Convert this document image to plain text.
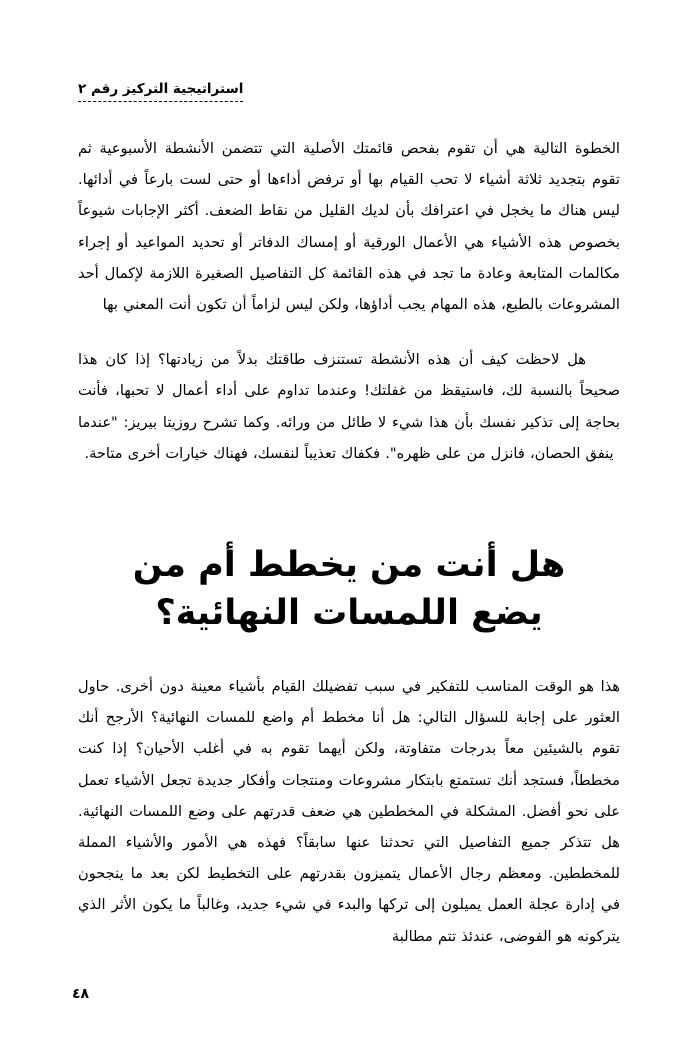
استراتيجية التركيز رقم ٢

الخطوة التالية هي أن تقوم بفحص قائمتك الأصلية التي تتضمن الأنشطة الأسبوعية ثم تقوم بتجديد ثلاثة أشياء لا تحب القيام بها أو ترفض أداءها أو حتى لست بارعاً في أدائها. ليس هناك ما يخجل في اعترافك بأن لديك القليل من نقاط الضعف. أكثر الإجابات شيوعاً بخصوص هذه الأشياء هي الأعمال الورقية أو إمساك الدفاتر أو تحديد المواعيد أو إجراء مكالمات المتابعة وعادة ما تجد في هذه القائمة كل التفاصيل الصغيرة اللازمة لإكمال أحد المشروعات بالطبع، هذه المهام يجب أداؤها، ولكن ليس لزاماً أن تكون أنت المعني بها

هل لاحظت كيف أن هذه الأنشطة تستنزف طاقتك بدلاً من زيادتها؟ إذا كان هذا صحيحاً بالنسبة لك، فاستيقظ من غفلتك! وعندما تداوم على أداء أعمال لا تحبها، فأنت بحاجة إلى تذكير نفسك بأن هذا شيء لا طائل من ورائه. وكما تشرح روزيتا بيريز: "عندما ينفق الحصان، فانزل من على ظهره". فكفاك تعذيباً لنفسك، فهناك خيارات أخرى متاحة.

هل أنت من يخطط أم من
يضع اللمسات النهائية؟

هذا هو الوقت المناسب للتفكير في سبب تفضيلك القيام بأشياء معينة دون أخرى. حاول العثور على إجابة للسؤال التالي: هل أنا مخطط أم واضع للمسات النهائية؟ الأرجح أنك تقوم بالشيئين معاً بدرجات متفاوتة، ولكن أيهما تقوم به في أغلب الأحيان؟ إذا كنت مخططاً، فستجد أنك تستمتع بابتكار مشروعات ومنتجات وأفكار جديدة تجعل الأشياء تعمل على نحو أفضل. المشكلة في المخططين هي ضعف قدرتهم على وضع اللمسات النهائية. هل تتذكر جميع التفاصيل التي تحدثنا عنها سابقاً؟ فهذه هي الأمور والأشياء المملة للمخططين. ومعظم رجال الأعمال يتميزون بقدرتهم على التخطيط لكن بعد ما ينجحون في إدارة عجلة العمل يميلون إلى تركها والبدء في شيء جديد، وغالباً ما يكون الأثر الذي يتركونه هو الفوضى، عندئذ تتم مطالبة

٤٨
